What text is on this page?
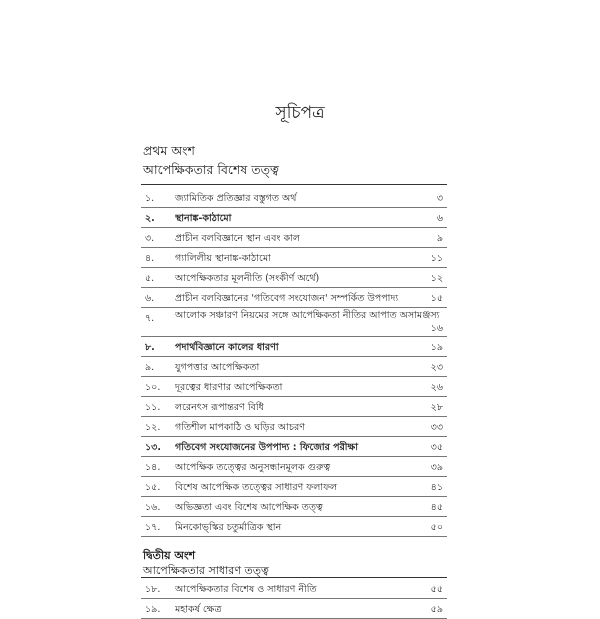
সূচিপত্র
প্রথম অংশ
আপেক্ষিকতার বিশেষ তত্ত্ব
১.	জ্যামিতিক প্রতিজ্ঞার বস্তুগত অর্থ	৩
২.	স্থানাঙ্ক-কাঠামো	৬
৩.	প্রাচীন বলবিজ্ঞানে স্থান এবং কাল	৯
৪.	গ্যালিলীয় স্থানাঙ্ক-কাঠামো	১১
৫.	আপেক্ষিকতার মূলনীতি (সংকীর্ণ অর্থে)	১২
৬.	প্রাচীন বলবিজ্ঞানের 'গতিবেগ সংযোজন' সম্পর্কিত উপপাদ্য	১৫
৭.	আলোক সঞ্চারণ নিয়মের সঙ্গে আপেক্ষিকতা নীতির আপাত অসামঞ্জস্য
১৬
৮.	পদার্থবিজ্ঞানে কালের ধারণা	১৯
৯.	যুগপত্তার আপেক্ষিকতা	২৩
১০.	দূরত্বের ধারণার আপেক্ষিকতা	২৬
১১.	লরেনৎস রূপান্তরণ বিধি	২৮
১২.	গতিশীল মাপকাঠি ও ঘড়ির আচরণ	৩৩
১৩.	গতিবেগ সংযোজনের উপপাদ্য : ফিজোর পরীক্ষা	৩৫
১৪.	আপেক্ষিক তত্ত্বের অনুসন্ধানমূলক গুরুত্ব	৩৯
১৫.	বিশেষ আপেক্ষিক তত্ত্বের সাধারণ ফলাফল	৪১
১৬.	অভিজ্ঞতা এবং বিশেষ আপেক্ষিক তত্ত্ব	৪৫
১৭.	মিনকোভ্‌স্কির চতুর্মাত্রিক স্থান	৫০
দ্বিতীয় অংশ
আপেক্ষিকতার সাধারণ তত্ত্ব
১৮.	আপেক্ষিকতার বিশেষ ও সাধারণ নীতি	৫৫
১৯.	মহাকর্ষ ক্ষেত্র	৫৯
